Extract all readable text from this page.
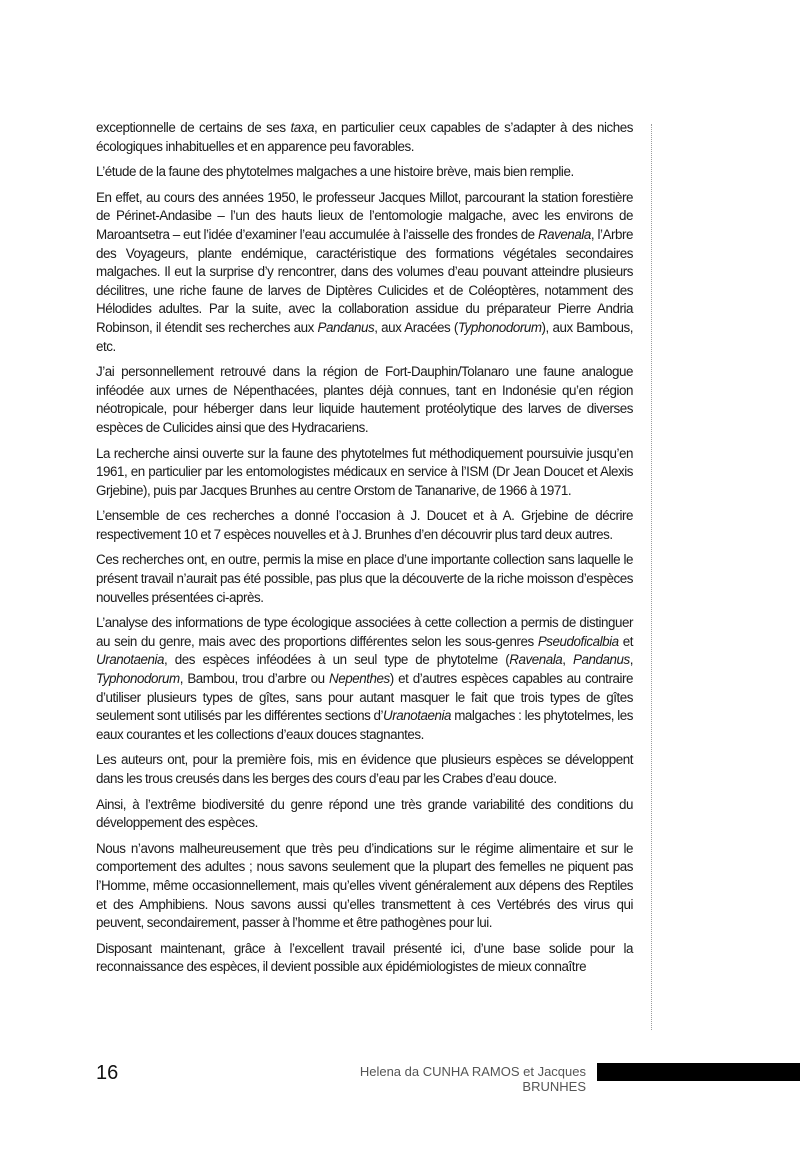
exceptionnelle de certains de ses taxa, en particulier ceux capables de s’adapter à des niches écologiques inhabituelles et en apparence peu favorables.

L’étude de la faune des phytotelmes malgaches a une histoire brève, mais bien remplie.

En effet, au cours des années 1950, le professeur Jacques Millot, parcourant la station forestière de Périnet-Andasibe – l’un des hauts lieux de l’entomologie malgache, avec les environs de Maroantsetra – eut l’idée d’examiner l’eau accumulée à l’aisselle des frondes de Ravenala, l’Arbre des Voyageurs, plante endémique, caractéristique des formations végétales secondaires malgaches. Il eut la surprise d’y rencontrer, dans des volumes d’eau pouvant atteindre plusieurs décilitres, une riche faune de larves de Diptères Culicides et de Coléoptères, notamment des Hélodides adultes. Par la suite, avec la collaboration assidue du préparateur Pierre Andria Robinson, il étendit ses recherches aux Pandanus, aux Aracées (Typhonodorum), aux Bambous, etc.

J’ai personnellement retrouvé dans la région de Fort-Dauphin/Tolanaro une faune analogue inféodée aux urnes de Népenthacées, plantes déjà connues, tant en Indonésie qu’en région néotropicale, pour héberger dans leur liquide hautement protéolytique des larves de diverses espèces de Culicides ainsi que des Hydracariens.

La recherche ainsi ouverte sur la faune des phytotelmes fut méthodiquement poursuivie jusqu’en 1961, en particulier par les entomologistes médicaux en service à l’ISM (Dr Jean Doucet et Alexis Grjebine), puis par Jacques Brunhes au centre Orstom de Tananarive, de 1966 à 1971.

L’ensemble de ces recherches a donné l’occasion à J. Doucet et à A. Grjebine de décrire respectivement 10 et 7 espèces nouvelles et à J. Brunhes d’en découvrir plus tard deux autres.

Ces recherches ont, en outre, permis la mise en place d’une importante collection sans laquelle le présent travail n’aurait pas été possible, pas plus que la découverte de la riche moisson d’espèces nouvelles présentées ci-après.

L’analyse des informations de type écologique associées à cette collection a permis de distinguer au sein du genre, mais avec des proportions différentes selon les sous-genres Pseudoficalbia et Uranotaenia, des espèces inféodées à un seul type de phytotelme (Ravenala, Pandanus, Typhonodorum, Bambou, trou d’arbre ou Nepenthes) et d’autres espèces capables au contraire d’utiliser plusieurs types de gîtes, sans pour autant masquer le fait que trois types de gîtes seulement sont utilisés par les différentes sections d’Uranotaenia malgaches : les phytotelmes, les eaux courantes et les collections d’eaux douces stagnantes.

Les auteurs ont, pour la première fois, mis en évidence que plusieurs espèces se développent dans les trous creusés dans les berges des cours d’eau par les Crabes d’eau douce.

Ainsi, à l’extrême biodiversité du genre répond une très grande variabilité des conditions du développement des espèces.

Nous n’avons malheureusement que très peu d’indications sur le régime alimentaire et sur le comportement des adultes ; nous savons seulement que la plupart des femelles ne piquent pas l’Homme, même occasionnellement, mais qu’elles vivent généralement aux dépens des Reptiles et des Amphibiens. Nous savons aussi qu’elles transmettent à ces Vertébrés des virus qui peuvent, secondairement, passer à l’homme et être pathogènes pour lui.

Disposant maintenant, grâce à l’excellent travail présenté ici, d’une base solide pour la reconnaissance des espèces, il devient possible aux épidémiologistes de mieux connaître

16	Helena da CUNHA RAMOS et Jacques BRUNHES
